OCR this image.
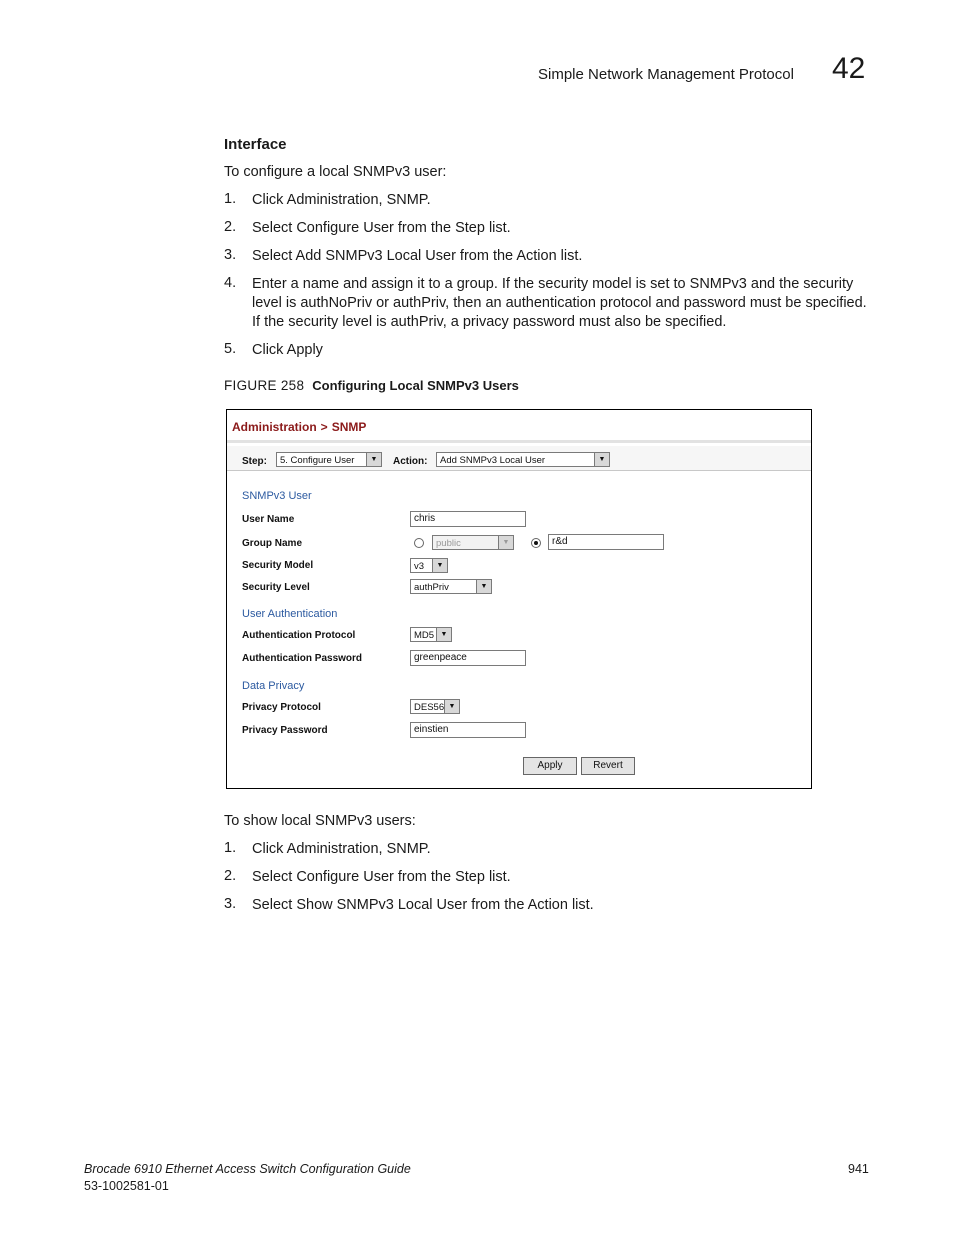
Simple Network Management Protocol 42
Interface
To configure a local SNMPv3 user:
1. Click Administration, SNMP.
2. Select Configure User from the Step list.
3. Select Add SNMPv3 Local User from the Action list.
4. Enter a name and assign it to a group. If the security model is set to SNMPv3 and the security level is authNoPriv or authPriv, then an authentication protocol and password must be specified. If the security level is authPriv, a privacy password must also be specified.
5. Click Apply
FIGURE 258 Configuring Local SNMPv3 Users
Administration > SNMP
Step:	5. Configure User	▼	Action:	Add SNMPv3 Local User	▼
SNMPv3 User
User Name	chris
Group Name	public	▼	r&d
Security Model	v3	▼
Security Level	authPriv	▼
User Authentication
Authentication Protocol	MD5 ▼
Authentication Password	greenpeace
Data Privacy
Privacy Protocol	DES56 ▼
Privacy Password	einstien
Apply	Revert
To show local SNMPv3 users:
1. Click Administration, SNMP.
2. Select Configure User from the Step list.
3. Select Show SNMPv3 Local User from the Action list.
Brocade 6910 Ethernet Access Switch Configuration Guide
53-1002581-01
941
